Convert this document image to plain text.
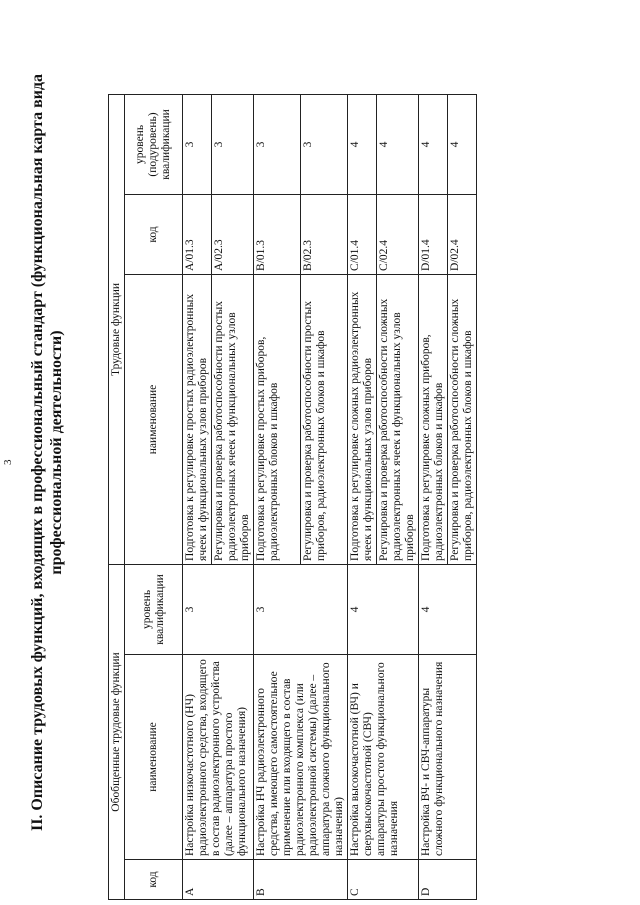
3 II. Описание трудовых функций, входящих в профессиональный стандарт (функциональная карта вида профессиональной деятельности)
Обобщенные трудовые функции			Трудовые функции		
код	наименование	уровень квалификации	наименование	код	уровень (подуровень) квалификации
A	Настройка низкочастотного (НЧ) радиоэлектронного средства, входящего в состав радиоэлектронного устройства (далее – аппаратура простого функционального назначения)	3	Подготовка к регулировке простых радиоэлектронных ячеек и функциональных узлов приборов	A/01.3	3
			Регулировка и проверка работоспособности простых радиоэлектронных ячеек и функциональных узлов приборов	A/02.3	3
B	Настройка НЧ радиоэлектронного средства, имеющего самостоятельное применение или входящего в состав радиоэлектронного комплекса (или радиоэлектронной системы) (далее – аппаратура сложного функционального назначения)	3	Подготовка к регулировке простых приборов, радиоэлектронных блоков и шкафов	B/01.3	3
			Регулировка и проверка работоспособности простых приборов, радиоэлектронных блоков и шкафов	B/02.3	3
C	Настройка высокочастотной (ВЧ) и сверхвысокочастотной (СВЧ) аппаратуры простого функционального назначения	4	Подготовка к регулировке сложных радиоэлектронных ячеек и функциональных узлов приборов	C/01.4	4
			Регулировка и проверка работоспособности сложных радиоэлектронных ячеек и функциональных узлов приборов	C/02.4	4
D	Настройка ВЧ- и СВЧ-аппаратуры сложного функционального назначения	4	Подготовка к регулировке сложных приборов, радиоэлектронных блоков и шкафов	D/01.4	4
			Регулировка и проверка работоспособности сложных приборов, радиоэлектронных блоков и шкафов	D/02.4	4
